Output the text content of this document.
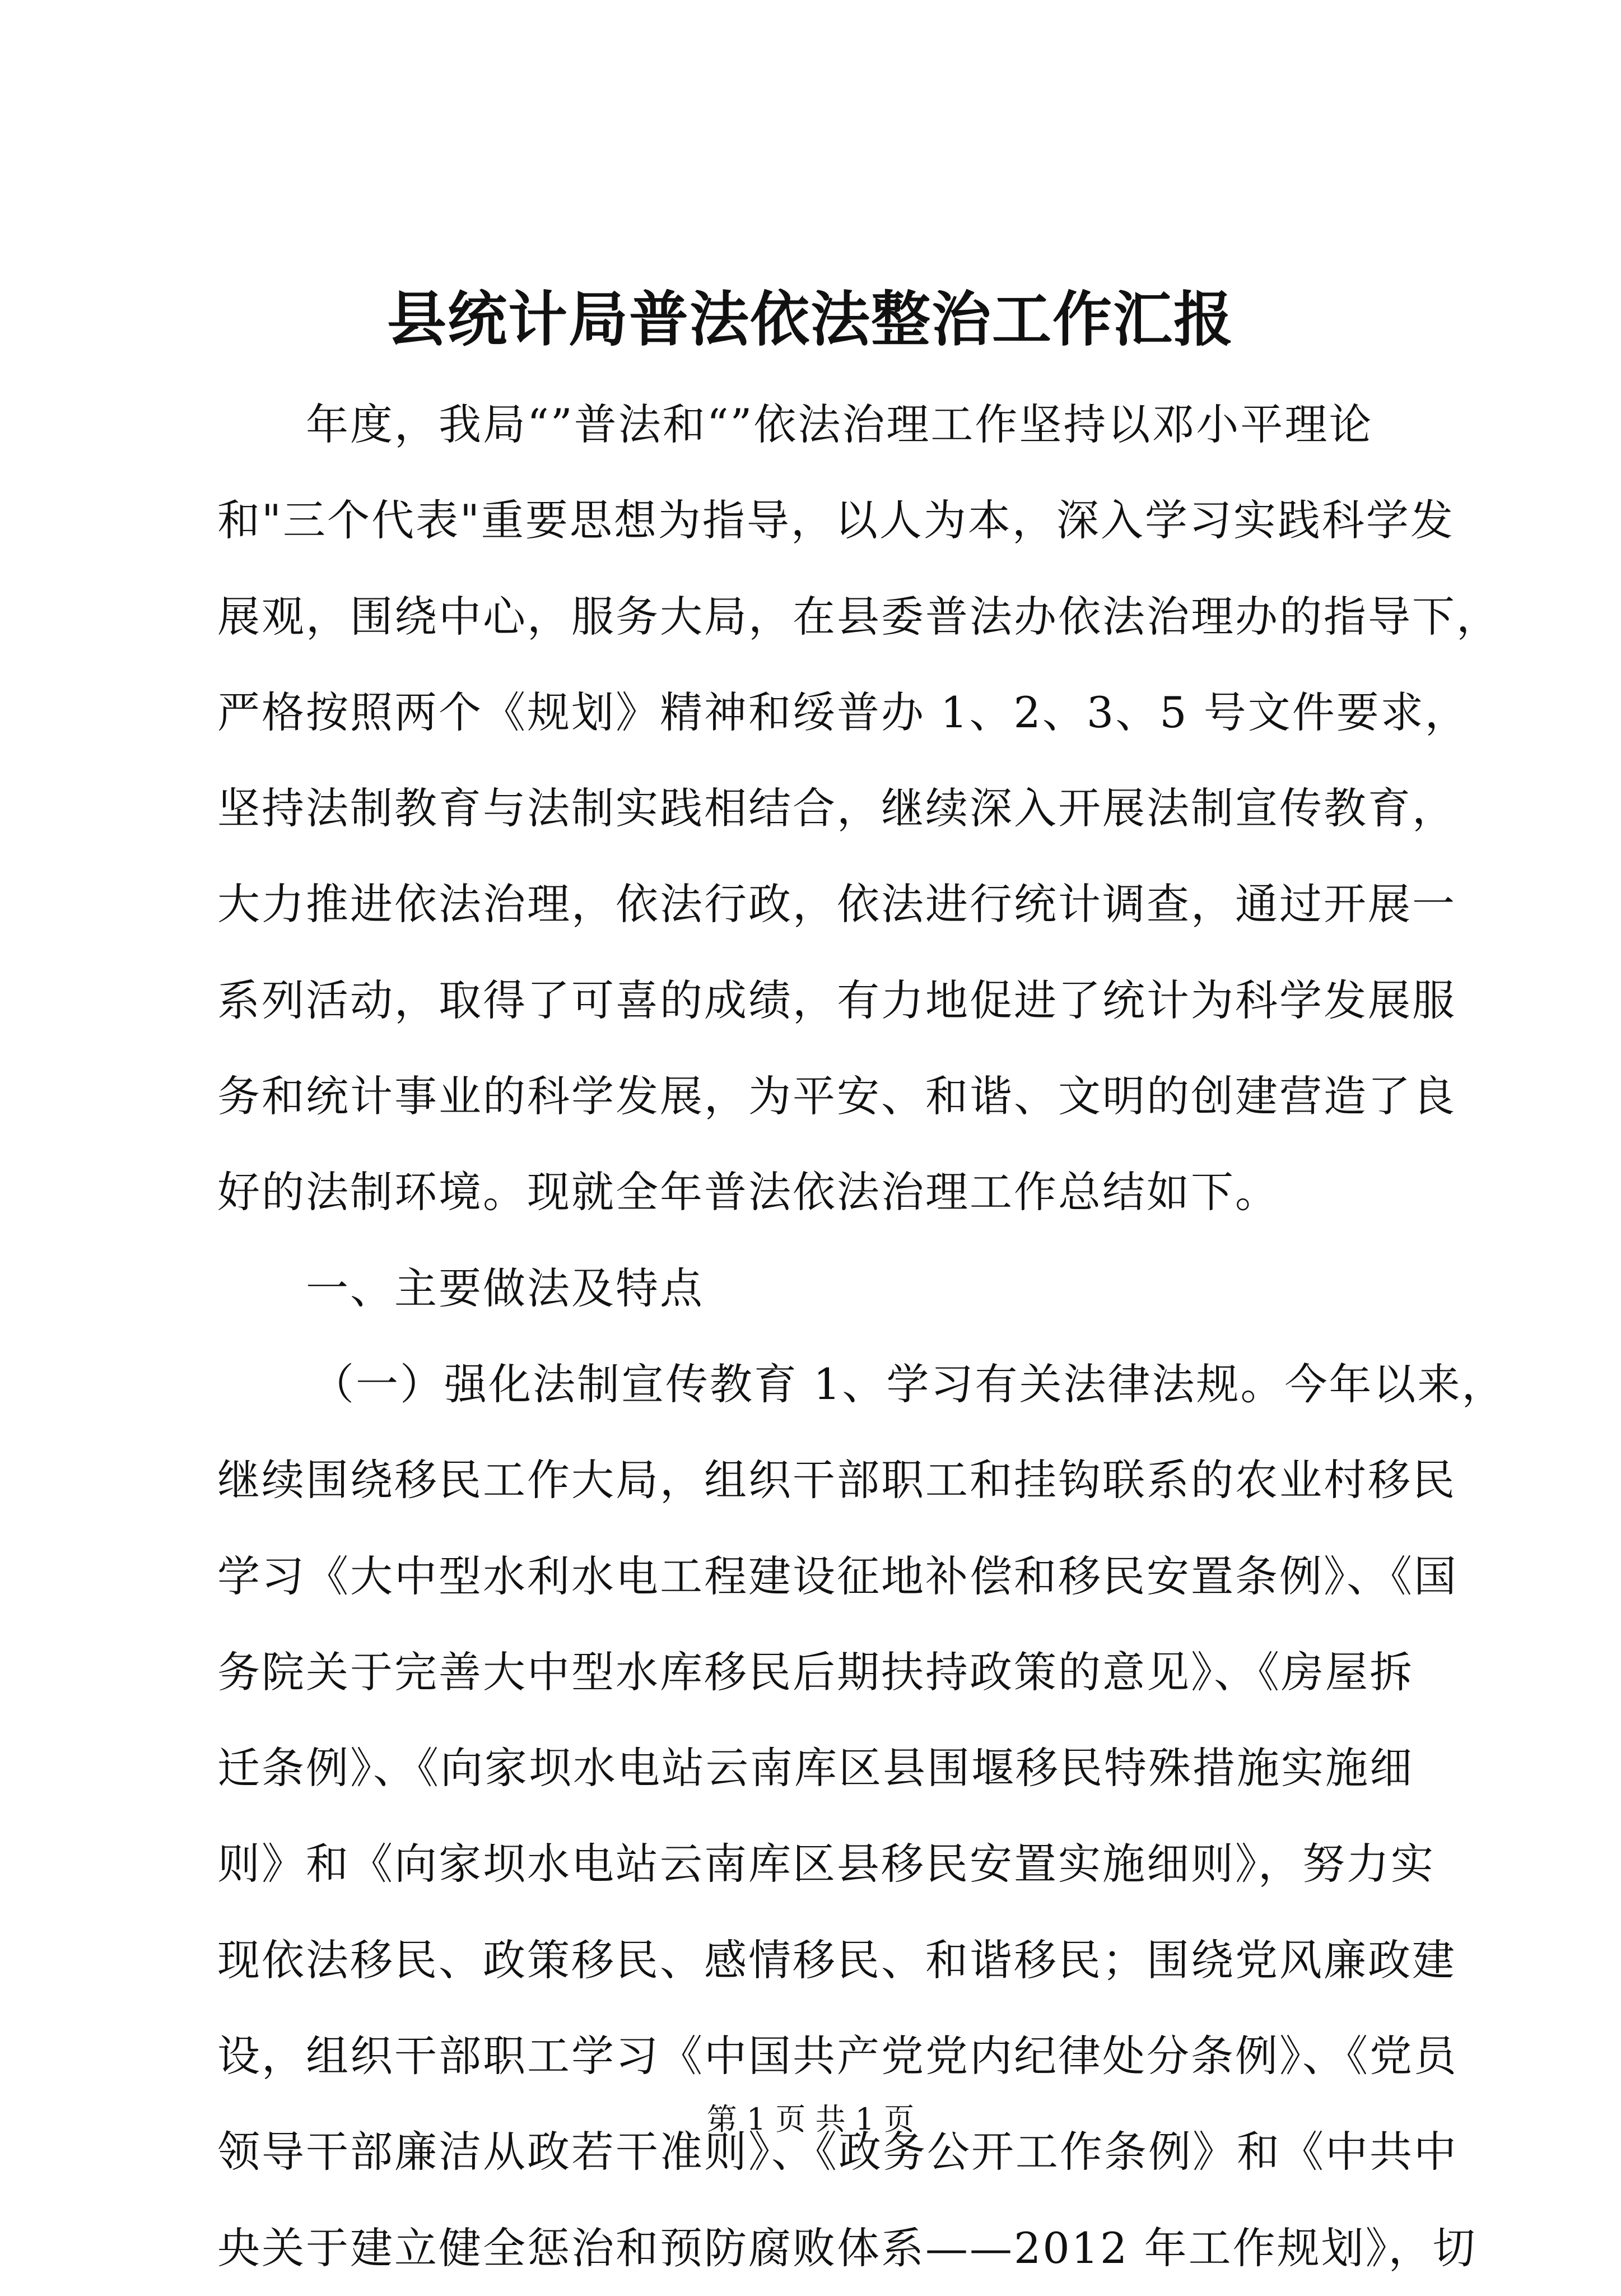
县统计局普法依法整治工作汇报
年度，我局“”普法和“”依法治理工作坚持以邓小平理论
和"三个代表"重要思想为指导，以人为本，深入学习实践科学发
展观，围绕中心，服务大局，在县委普法办依法治理办的指导下，
严格按照两个《规划》精神和绥普办 1、2、3、5 号文件要求，
坚持法制教育与法制实践相结合，继续深入开展法制宣传教育，
大力推进依法治理，依法行政，依法进行统计调查，通过开展一
系列活动，取得了可喜的成绩，有力地促进了统计为科学发展服
务和统计事业的科学发展，为平安、和谐、文明的创建营造了良
好的法制环境。现就全年普法依法治理工作总结如下。
一、主要做法及特点
（一）强化法制宣传教育 1、学习有关法律法规。今年以来，
继续围绕移民工作大局，组织干部职工和挂钩联系的农业村移民
学习《大中型水利水电工程建设征地补偿和移民安置条例》、《国
务院关于完善大中型水库移民后期扶持政策的意见》、《房屋拆
迁条例》、《向家坝水电站云南库区县围堰移民特殊措施实施细
则》和《向家坝水电站云南库区县移民安置实施细则》，努力实
现依法移民、政策移民、感情移民、和谐移民；围绕党风廉政建
设，组织干部职工学习《中国共产党党内纪律处分条例》、《党员
领导干部廉洁从政若干准则》、《政务公开工作条例》和《中共中
央关于建立健全惩治和预防腐败体系——2012 年工作规划》，切
第 1 页 共 1 页
